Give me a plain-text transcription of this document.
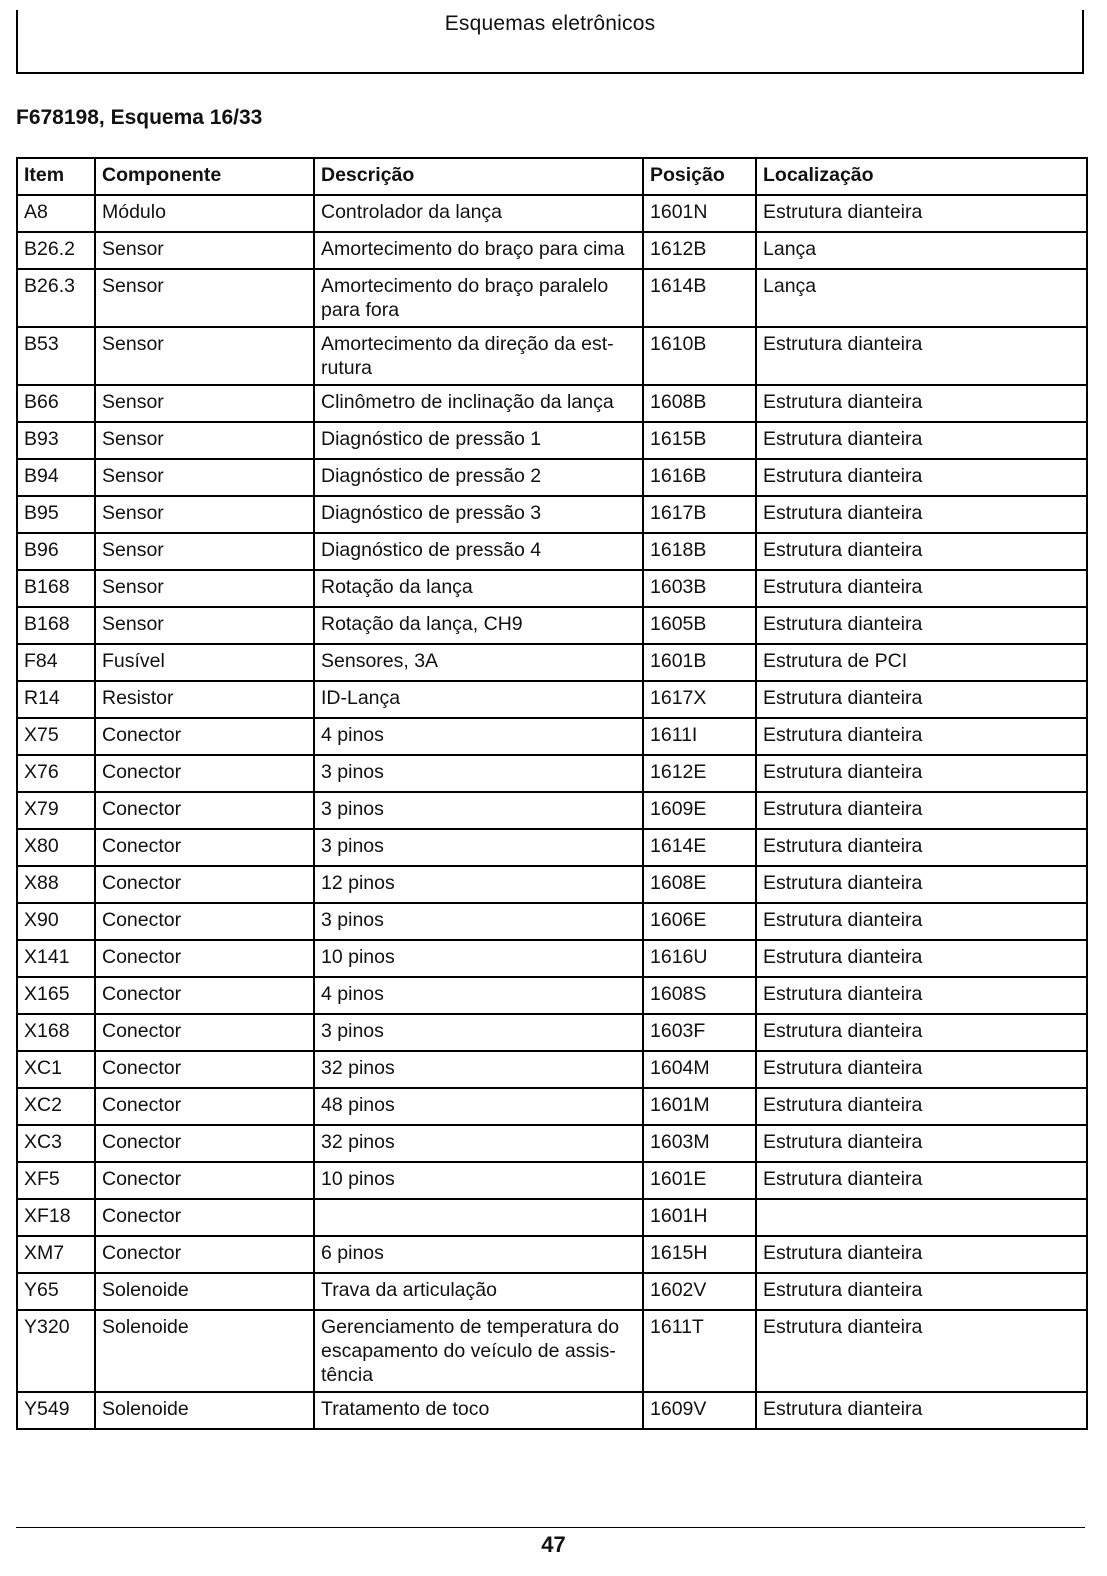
Esquemas eletrônicos
F678198, Esquema 16/33
Item	Componente	Descrição	Posição	Localização
A8	Módulo	Controlador da lança	1601N	Estrutura dianteira
B26.2	Sensor	Amortecimento do braço para cima	1612B	Lança
B26.3	Sensor	Amortecimento do braço paralelo para fora	1614B	Lança
B53	Sensor	Amortecimento da direção da est-rutura	1610B	Estrutura dianteira
B66	Sensor	Clinômetro de inclinação da lança	1608B	Estrutura dianteira
B93	Sensor	Diagnóstico de pressão 1	1615B	Estrutura dianteira
B94	Sensor	Diagnóstico de pressão 2	1616B	Estrutura dianteira
B95	Sensor	Diagnóstico de pressão 3	1617B	Estrutura dianteira
B96	Sensor	Diagnóstico de pressão 4	1618B	Estrutura dianteira
B168	Sensor	Rotação da lança	1603B	Estrutura dianteira
B168	Sensor	Rotação da lança, CH9	1605B	Estrutura dianteira
F84	Fusível	Sensores, 3A	1601B	Estrutura de PCI
R14	Resistor	ID-Lança	1617X	Estrutura dianteira
X75	Conector	4 pinos	1611I	Estrutura dianteira
X76	Conector	3 pinos	1612E	Estrutura dianteira
X79	Conector	3 pinos	1609E	Estrutura dianteira
X80	Conector	3 pinos	1614E	Estrutura dianteira
X88	Conector	12 pinos	1608E	Estrutura dianteira
X90	Conector	3 pinos	1606E	Estrutura dianteira
X141	Conector	10 pinos	1616U	Estrutura dianteira
X165	Conector	4 pinos	1608S	Estrutura dianteira
X168	Conector	3 pinos	1603F	Estrutura dianteira
XC1	Conector	32 pinos	1604M	Estrutura dianteira
XC2	Conector	48 pinos	1601M	Estrutura dianteira
XC3	Conector	32 pinos	1603M	Estrutura dianteira
XF5	Conector	10 pinos	1601E	Estrutura dianteira
XF18	Conector		1601H	
XM7	Conector	6 pinos	1615H	Estrutura dianteira
Y65	Solenoide	Trava da articulação	1602V	Estrutura dianteira
Y320	Solenoide	Gerenciamento de temperatura do escapamento do veículo de assis-tência	1611T	Estrutura dianteira
Y549	Solenoide	Tratamento de toco	1609V	Estrutura dianteira
47
